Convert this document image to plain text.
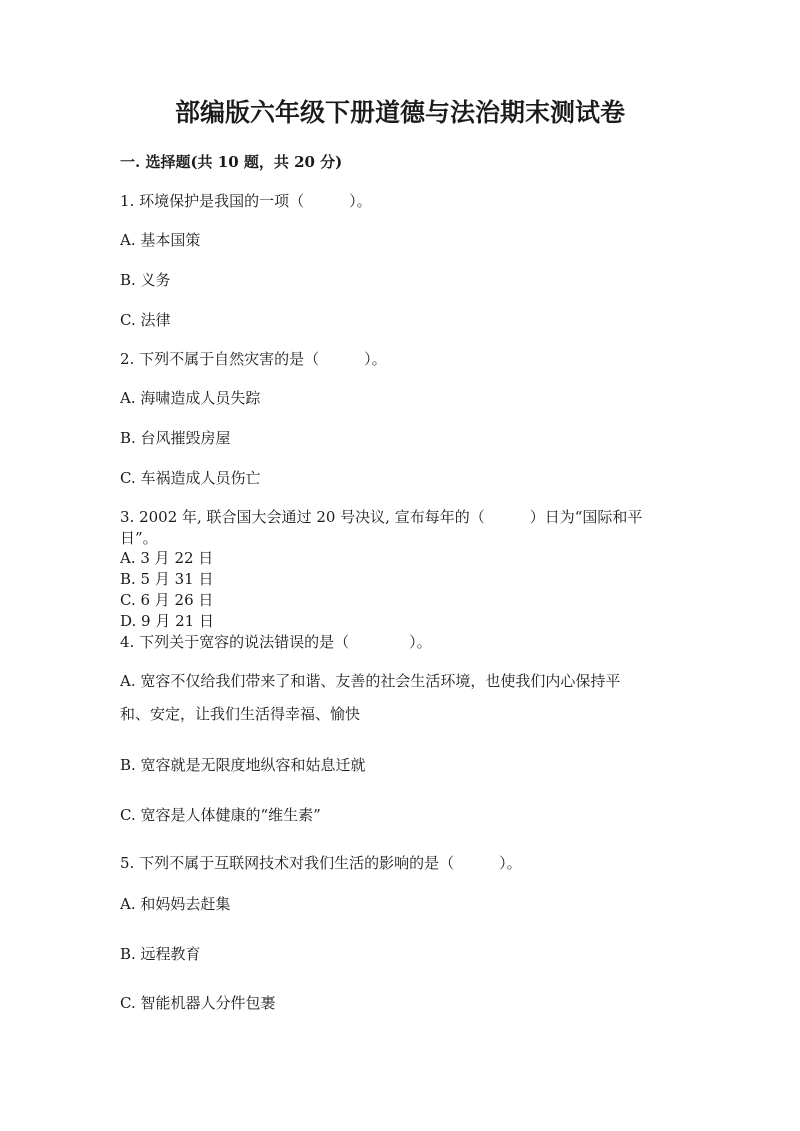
部编版六年级下册道德与法治期末测试卷
一. 选择题(共 10 题，共 20 分)
1. 环境保护是我国的一项（　　　）。
A. 基本国策
B. 义务
C. 法律
2. 下列不属于自然灾害的是（　　　）。
A. 海啸造成人员失踪
B. 台风摧毁房屋
C. 车祸造成人员伤亡
3. 2002 年, 联合国大会通过 20 号决议, 宣布每年的（　　　）日为“国际和平
日”。
A. 3 月 22 日
B. 5 月 31 日
C. 6 月 26 日
D. 9 月 21 日
4. 下列关于宽容的说法错误的是（　　　　）。
A. 宽容不仅给我们带来了和谐、友善的社会生活环境，也使我们内心保持平
和、安定，让我们生活得幸福、愉快
B. 宽容就是无限度地纵容和姑息迁就
C. 宽容是人体健康的“维生素”
5. 下列不属于互联网技术对我们生活的影响的是（　　　）。
A. 和妈妈去赶集
B. 远程教育
C. 智能机器人分件包裹
